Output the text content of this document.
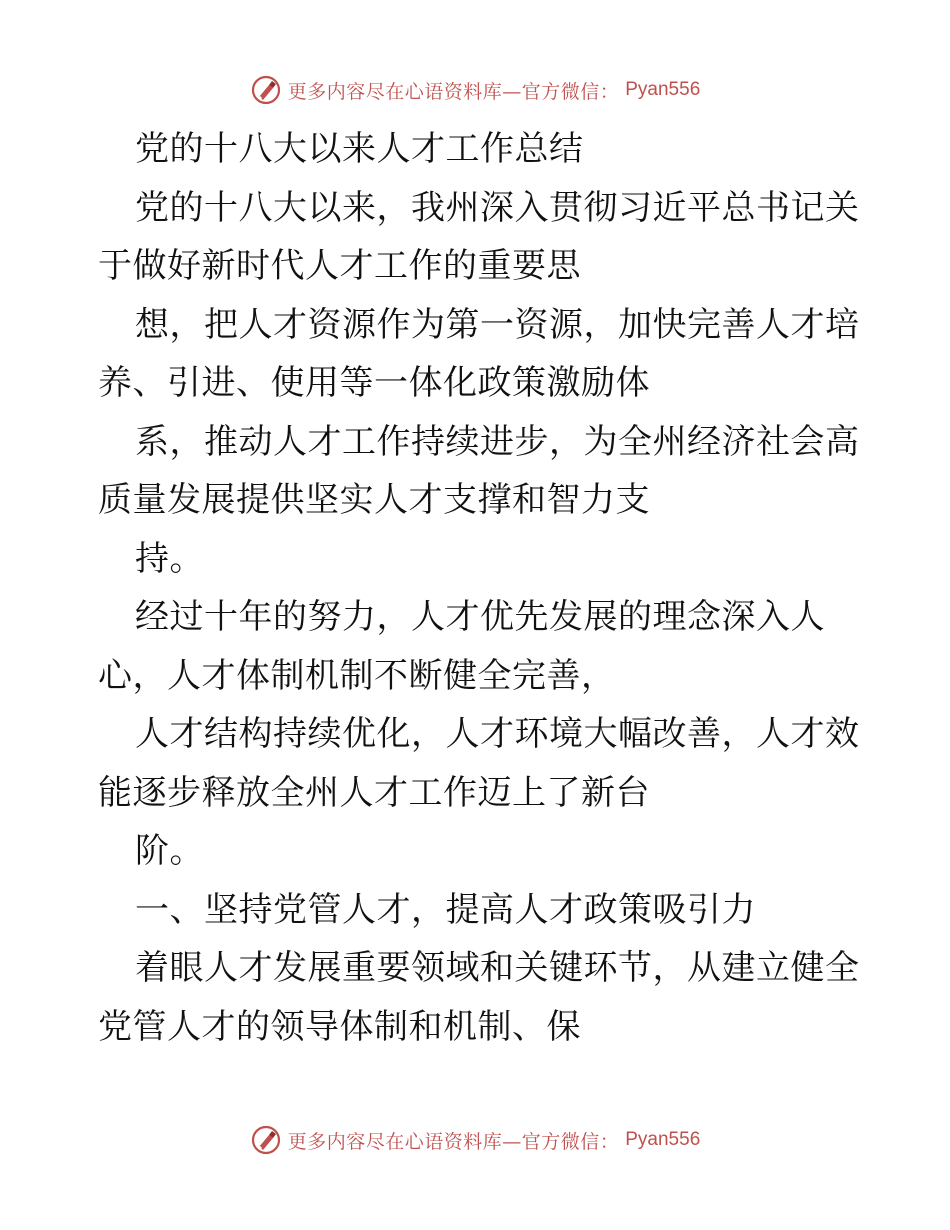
更多内容尽在心语资料库—官方微信： Pyan556
党的十八大以来人才工作总结
党的十八大以来，我州深入贯彻习近平总书记关
于做好新时代人才工作的重要思
想，把人才资源作为第一资源，加快完善人才培
养、引进、使用等一体化政策激励体
系，推动人才工作持续进步，为全州经济社会高
质量发展提供坚实人才支撑和智力支
持。
经过十年的努力，人才优先发展的理念深入人
心，人才体制机制不断健全完善，
人才结构持续优化，人才环境大幅改善，人才效
能逐步释放全州人才工作迈上了新台
阶。
一、坚持党管人才，提高人才政策吸引力
着眼人才发展重要领域和关键环节，从建立健全
党管人才的领导体制和机制、保
更多内容尽在心语资料库—官方微信： Pyan556
